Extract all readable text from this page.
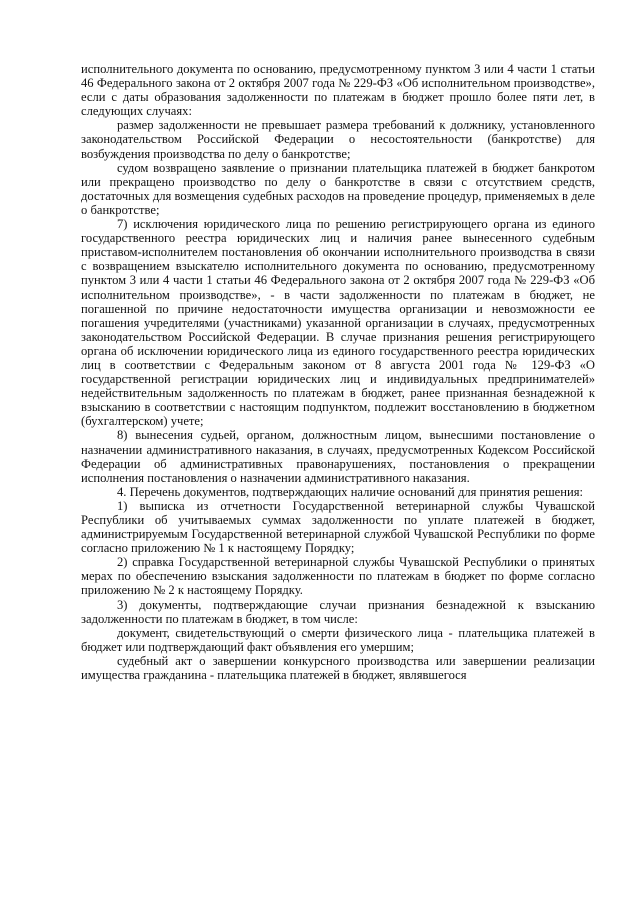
исполнительного документа по основанию, предусмотренному пунктом 3 или 4 части 1 статьи 46 Федерального закона от 2 октября 2007 года № 229-ФЗ «Об исполнительном производстве», если с даты образования задолженности по платежам в бюджет прошло более пяти лет, в следующих случаях:

размер задолженности не превышает размера требований к должнику, установленного законодательством Российской Федерации о несостоятельности (банкротстве) для возбуждения производства по делу о банкротстве;

судом возвращено заявление о признании плательщика платежей в бюджет банкротом или прекращено производство по делу о банкротстве в связи с отсутствием средств, достаточных для возмещения судебных расходов на проведение процедур, применяемых в деле о банкротстве;

7) исключения юридического лица по решению регистрирующего органа из единого государственного реестра юридических лиц и наличия ранее вынесенного судебным приставом-исполнителем постановления об окончании исполнительного производства в связи с возвращением взыскателю исполнительного документа по основанию, предусмотренному пунктом 3 или 4 части 1 статьи 46 Федерального закона от 2 октября 2007 года № 229-ФЗ «Об исполнительном производстве», - в части задолженности по платежам в бюджет, не погашенной по причине недостаточности имущества организации и невозможности ее погашения учредителями (участниками) указанной организации в случаях, предусмотренных законодательством Российской Федерации. В случае признания решения регистрирующего органа об исключении юридического лица из единого государственного реестра юридических лиц в соответствии с Федеральным законом от 8 августа 2001 года № 129-ФЗ «О государственной регистрации юридических лиц и индивидуальных предпринимателей» недействительным задолженность по платежам в бюджет, ранее признанная безнадежной к взысканию в соответствии с настоящим подпунктом, подлежит восстановлению в бюджетном (бухгалтерском) учете;

8) вынесения судьей, органом, должностным лицом, вынесшими постановление о назначении административного наказания, в случаях, предусмотренных Кодексом Российской Федерации об административных правонарушениях, постановления о прекращении исполнения постановления о назначении административного наказания.

4. Перечень документов, подтверждающих наличие оснований для принятия решения:

1) выписка из отчетности Государственной ветеринарной службы Чувашской Республики об учитываемых суммах задолженности по уплате платежей в бюджет, администрируемым Государственной ветеринарной службой Чувашской Республики по форме согласно приложению № 1 к настоящему Порядку;

2) справка Государственной ветеринарной службы Чувашской Республики о принятых мерах по обеспечению взыскания задолженности по платежам в бюджет по форме согласно приложению № 2 к настоящему Порядку.

3) документы, подтверждающие случаи признания безнадежной к взысканию задолженности по платежам в бюджет, в том числе:

документ, свидетельствующий о смерти физического лица - плательщика платежей в бюджет или подтверждающий факт объявления его умершим;

судебный акт о завершении конкурсного производства или завершении реализации имущества гражданина - плательщика платежей в бюджет, являвшегося
